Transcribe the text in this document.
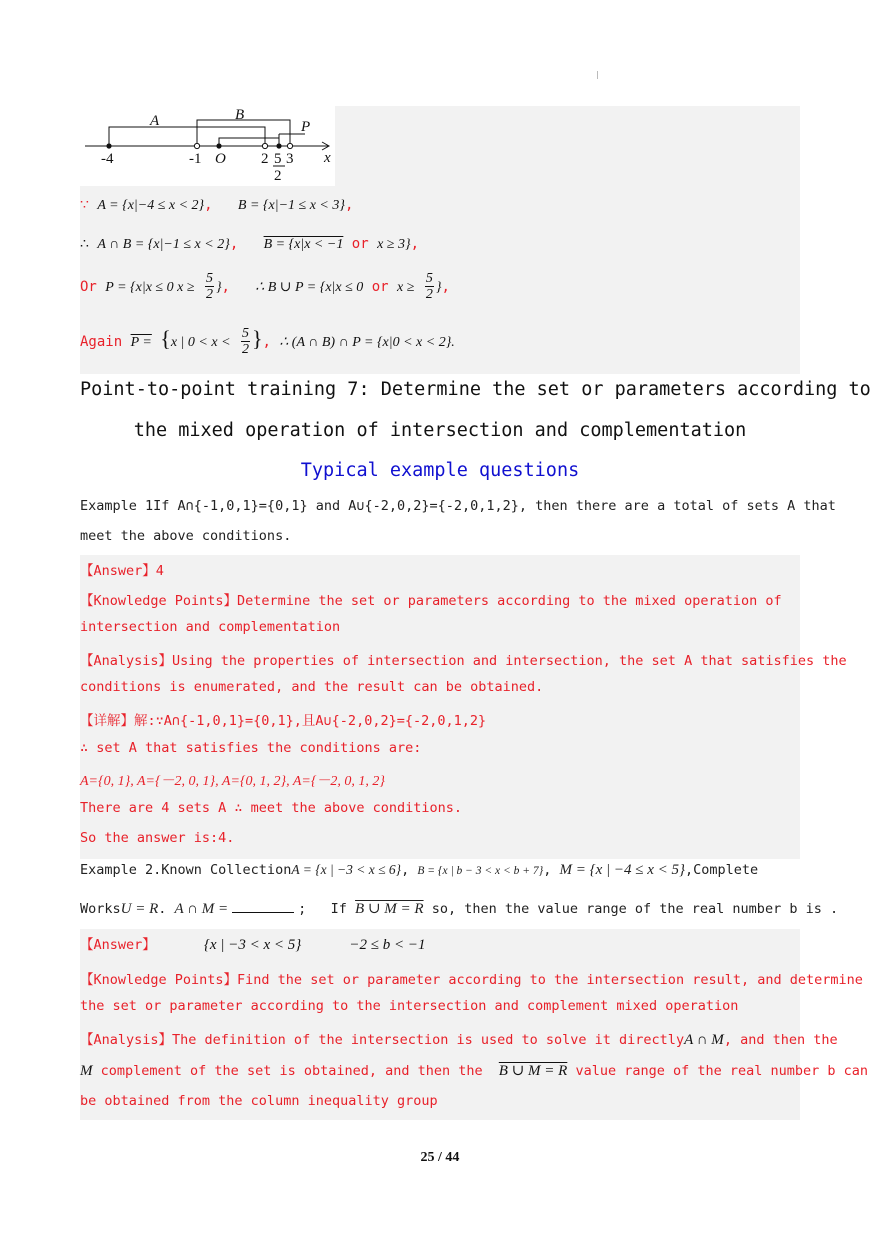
A	B
P
-4	-1 O 2 5
2
3 x
∵ A = {x|−4 ≤ x < 2},   B = {x|−1 ≤ x < 3},
∴ A ∩ B = {x|−1 ≤ x < 2},   B = {x|x < −1 or x ≥ 3},
Or P = {x|x ≤ 0 $x \ge \frac{5}{2}$ },   ∴ B ∪ P = {x|x ≤ 0 or $x \ge \frac{5}{2}$ },
Again P = {x | $0 < x < \frac{5}{2}$ }, ∴ (A ∩ B) ∩ P = {x|0 < x < 2}.
Point-to-point training 7: Determine the set or parameters according to
the mixed operation of intersection and complementation
Typical example questions
Example 1If A∩{-1,0,1}={0,1} and A∪{-2,0,2}={-2,0,1,2}, then there are a total of sets A that
meet the above conditions.
【Answer】4
【Knowledge Points】Determine the set or parameters according to the mixed operation of
intersection and complementation
【Analysis】Using the properties of intersection and intersection, the set A that satisfies the
conditions is enumerated, and the result can be obtained.
【详解】解:∵A∩{-1,0,1}={0,1},且A∪{-2,0,2}={-2,0,1,2}
∴ set A that satisfies the conditions are:
A={0, 1}, A={－2, 0, 1}, A={0, 1, 2}, A={－2, 0, 1, 2}
There are 4 sets A ∴ meet the above conditions.
So the answer is:4.
Example 2.Known CollectionA = {x | −3 < x ≤ 6}, B = {x | b − 3 < x < b + 7}, M = {x | −4 ≤ x < 5},Complete
WorksU = R. A ∩ M =	;   If B ∪ M = R so, then the value range of the real number b is .
【Answer】	{x | −3 < x < 5}	−2 ≤ b < −1
【Knowledge Points】Find the set or parameter according to the intersection result, and determine
the set or parameter according to the intersection and complement mixed operation
【Analysis】The definition of the intersection is used to solve it directlyA ∩ M, and then the
M complement of the set is obtained, and then the B ∪ M = R value range of the real number b can
be obtained from the column inequality group
25 / 44
